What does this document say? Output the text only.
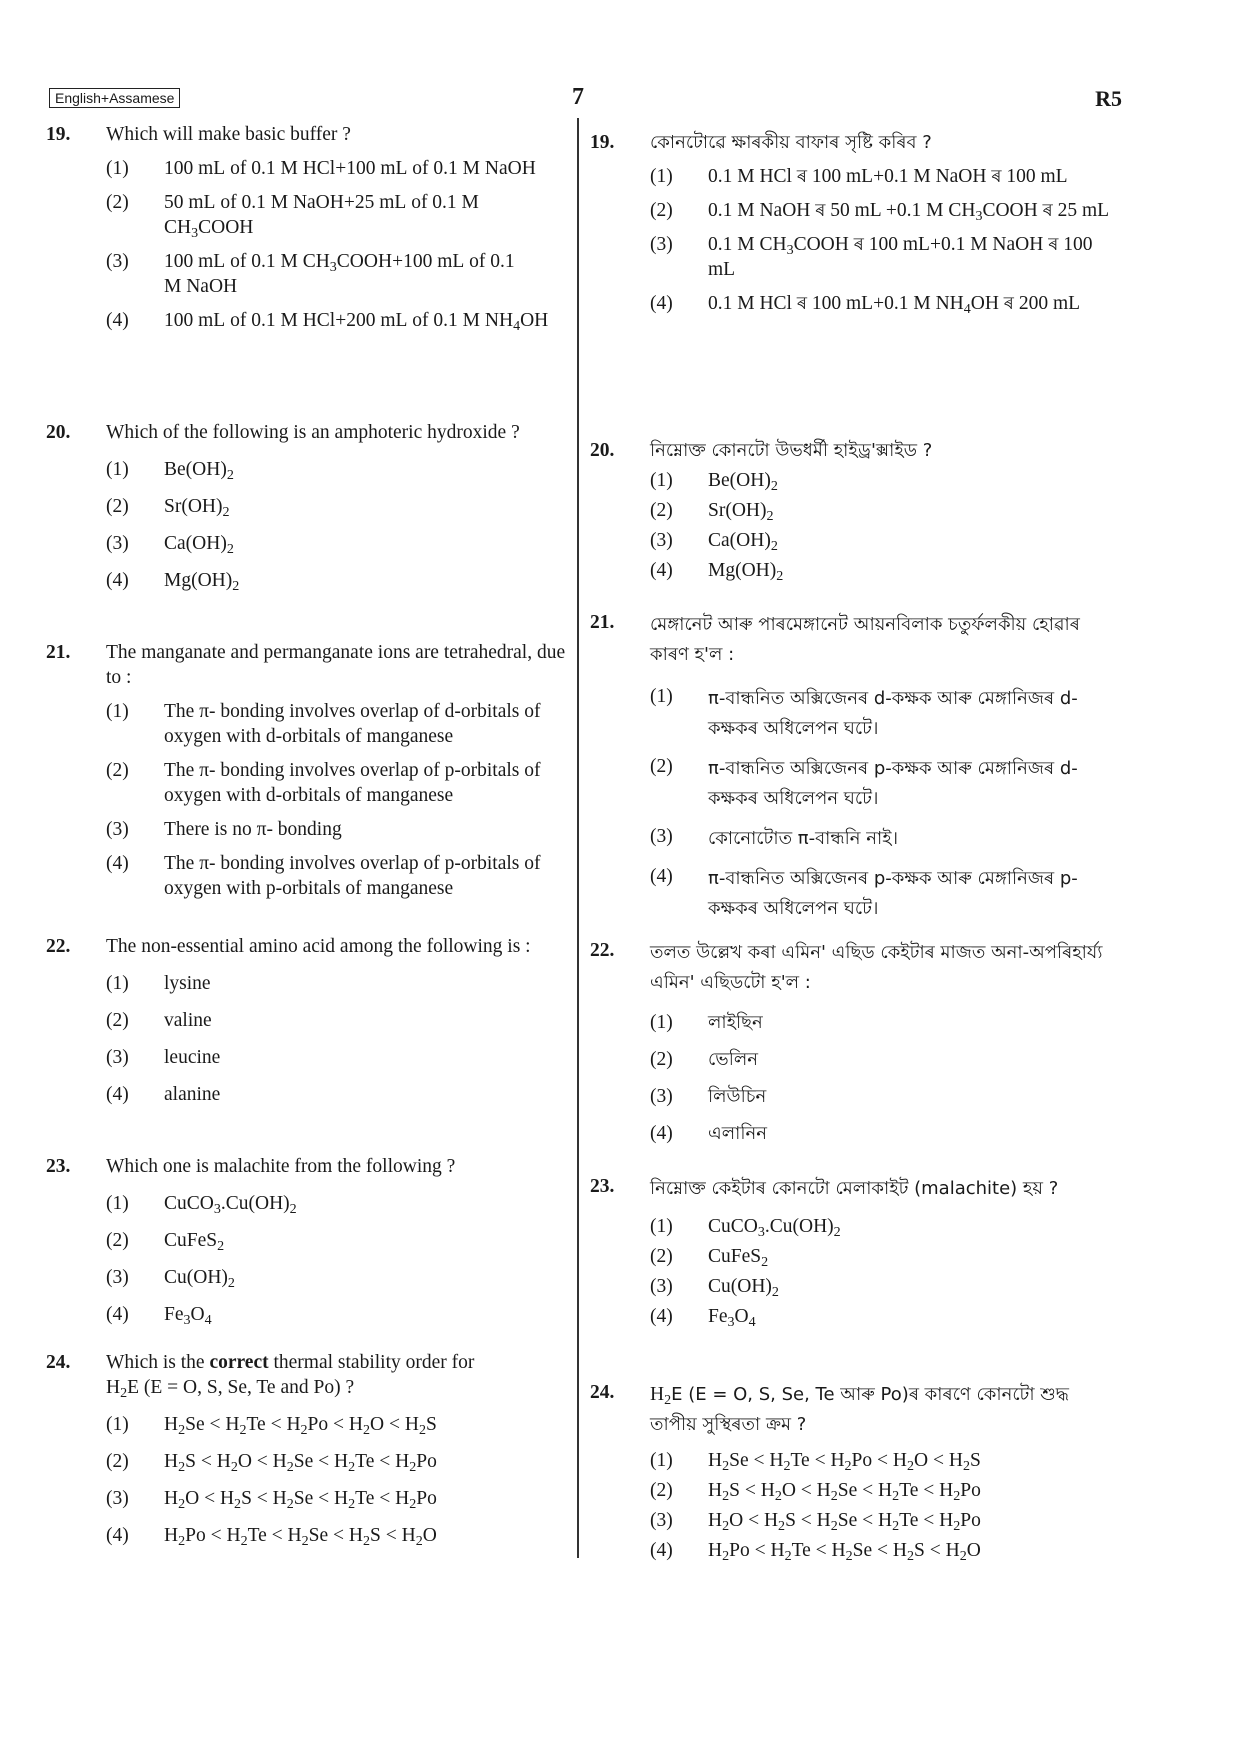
English+Assamese	7	R5
19.	Which will make basic buffer ?
(1)	100 mL of 0.1 M HCl+100 mL of 0.1 M NaOH
(2)	50 mL of 0.1 M NaOH+25 mL of 0.1 M $CH_3COOH$
(3)	100 mL of 0.1 M $CH_3COOH+100$ mL of 0.1 M NaOH
(4)	100 mL of 0.1 M HCl+200 mL of 0.1 M $NH_4OH$
20.	Which of the following is an amphoteric hydroxide ?
(1)	$Be(OH)_2$
(2)	$Sr(OH)_2$
(3)	$Ca(OH)_2$
(4)	$Mg(OH)_2$
21.	The manganate and permanganate ions are tetrahedral, due to :
(1)	The π- bonding involves overlap of d-orbitals of oxygen with d-orbitals of manganese
(2)	The π- bonding involves overlap of p-orbitals of oxygen with d-orbitals of manganese
(3)	There is no π- bonding
(4)	The π- bonding involves overlap of p-orbitals of oxygen with p-orbitals of manganese
22.	The non-essential amino acid among the following is :
(1)	lysine
(2)	valine
(3)	leucine
(4)	alanine
23.	Which one is malachite from the following ?
(1)	$CuCO_3.Cu(OH)_2$
(2)	CuFeS$_2$
(3)	$Cu(OH)_2$
(4)	$Fe_3O_4$
24.	Which is the correct thermal stability order for
$H_2E$ (E = O, S, Se, Te and Po) ?
(1)	$H_2Se < H_2Te < H_2Po < H_2O < H_2S$
(2)	$H_2S < H_2O < H_2Se < H_2Te < H_2Po$
(3)	$H_2O < H_2S < H_2Se < H_2Te < H_2Po$
(4)	$H_2Po < H_2Te < H_2Se < H_2S < H_2O$
19.	কোনটোৱে ক্ষাৰকীয় বাফাৰ সৃষ্টি কৰিব ?
(1)	0.1 M HCl ৰ 100 mL+0.1 M NaOH ৰ 100 mL
(2)	0.1 M NaOH ৰ 50 mL +0.1 M $CH_3COOH$ ৰ 25 mL
(3)	0.1 M $CH_3COOH$ ৰ 100 mL+0.1 M NaOH ৰ 100 mL
(4)	0.1 M HCl ৰ 100 mL+0.1 M $NH_4OH$ ৰ 200 mL
20.	নিম্নোক্ত কোনটো উভধৰ্মী হাইড্ৰ'ক্সাইড ?
(1)	$Be(OH)_2$
(2)	$Sr(OH)_2$
(3)	$Ca(OH)_2$
(4)	$Mg(OH)_2$
21.	মেঙ্গানেট আৰু পাৰমেঙ্গানেট আয়নবিলাক চতুৰ্ফলকীয় হোৱাৰ কাৰণ হ'ল :
(1)	π-বান্ধনিত অক্সিজেনৰ d-কক্ষক আৰু মেঙ্গানিজৰ d-কক্ষকৰ অধিলেপন ঘটে।
(2)	π-বান্ধনিত অক্সিজেনৰ p-কক্ষক আৰু মেঙ্গানিজৰ d-কক্ষকৰ অধিলেপন ঘটে।
(3)	কোনোটোত π-বান্ধনি নাই।
(4)	π-বান্ধনিত অক্সিজেনৰ p-কক্ষক আৰু মেঙ্গানিজৰ p-কক্ষকৰ অধিলেপন ঘটে।
22.	তলত উল্লেখ কৰা এমিন' এছিড কেইটাৰ মাজত অনা-অপৰিহাৰ্য্য এমিন' এছিডটো হ'ল :
(1)	লাইছিন
(2)	ভেলিন
(3)	লিউচিন
(4)	এলানিন
23.	নিম্নোক্ত কেইটাৰ কোনটো মেলাকাইট (malachite) হয় ?
(1)	$CuCO_3.Cu(OH)_2$
(2)	CuFeS$_2$
(3)	$Cu(OH)_2$
(4)	$Fe_3O_4$
24.	$H_2E$ (E = O, S, Se, Te আৰু Po)ৰ কাৰণে কোনটো শুদ্ধ তাপীয় সুস্থিৰতা ক্ৰম ?
(1)	$H_2Se < H_2Te < H_2Po < H_2O < H_2S$
(2)	$H_2S < H_2O < H_2Se < H_2Te < H_2Po$
(3)	$H_2O < H_2S < H_2Se < H_2Te < H_2Po$
(4)	$H_2Po < H_2Te < H_2Se < H_2S < H_2O$
